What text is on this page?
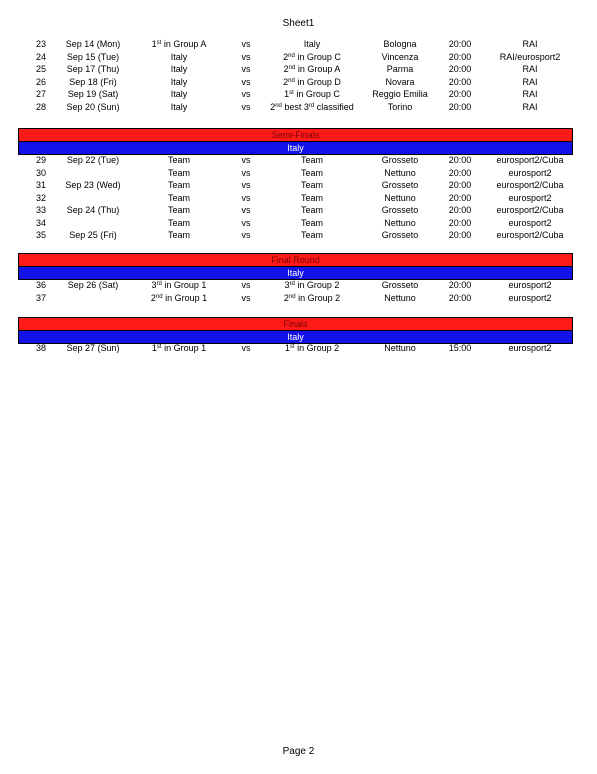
Sheet1
23	Sep 14 (Mon)	1st in Group A	vs	Italy	Bologna	20:00	RAI
24	Sep 15 (Tue)	Italy	vs	2nd in Group C	Vincenza	20:00	RAI/eurosport2
25	Sep 17 (Thu)	Italy	vs	2nd in Group A	Parma	20:00	RAI
26	Sep 18 (Fri)	Italy	vs	2nd in Group D	Novara	20:00	RAI
27	Sep 19 (Sat)	Italy	vs	1st in Group C	Reggio Emilia	20:00	RAI
28	Sep 20 (Sun)	Italy	vs	2nd best 3rd classified	Torino	20:00	RAI
Semi-Finals
Italy
29	Sep 22 (Tue)	Team	vs	Team	Grosseto	20:00	eurosport2/Cuba
30		Team	vs	Team	Nettuno	20:00	eurosport2
31	Sep 23 (Wed)	Team	vs	Team	Grosseto	20:00	eurosport2/Cuba
32		Team	vs	Team	Nettuno	20:00	eurosport2
33	Sep 24 (Thu)	Team	vs	Team	Grosseto	20:00	eurosport2/Cuba
34		Team	vs	Team	Nettuno	20:00	eurosport2
35	Sep 25 (Fri)	Team	vs	Team	Grosseto	20:00	eurosport2/Cuba
Final Round
Italy
36	Sep 26 (Sat)	3rd in Group 1	vs	3rd in Group 2	Grosseto	20:00	eurosport2
37		2nd in Group 1	vs	2nd in Group 2	Nettuno	20:00	eurosport2
Finals
Italy
38	Sep 27 (Sun)	1st in Group 1	vs	1st in Group 2	Nettuno	15:00	eurosport2
Page 2
